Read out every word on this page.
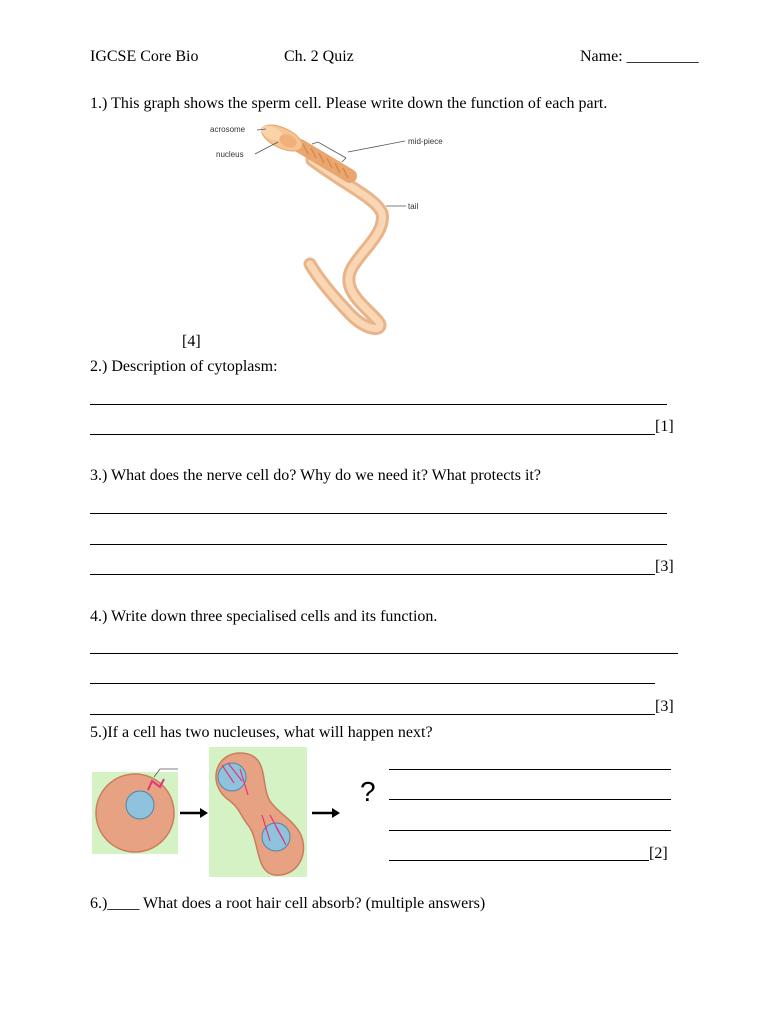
IGCSE Core Bio	Ch. 2 Quiz	Name: _________
1.) This graph shows the sperm cell. Please write down the function of each part.
acrosome
nucleus
mid-piece
tail
[4]
2.) Description of cytoplasm:
[1]
3.) What does the nerve cell do? Why do we need it? What protects it?
[3]
4.) Write down three specialised cells and its function.
[3]
5.)If a cell has two nucleuses, what will happen next?
?
[2]
6.)____ What does a root hair cell absorb? (multiple answers)
